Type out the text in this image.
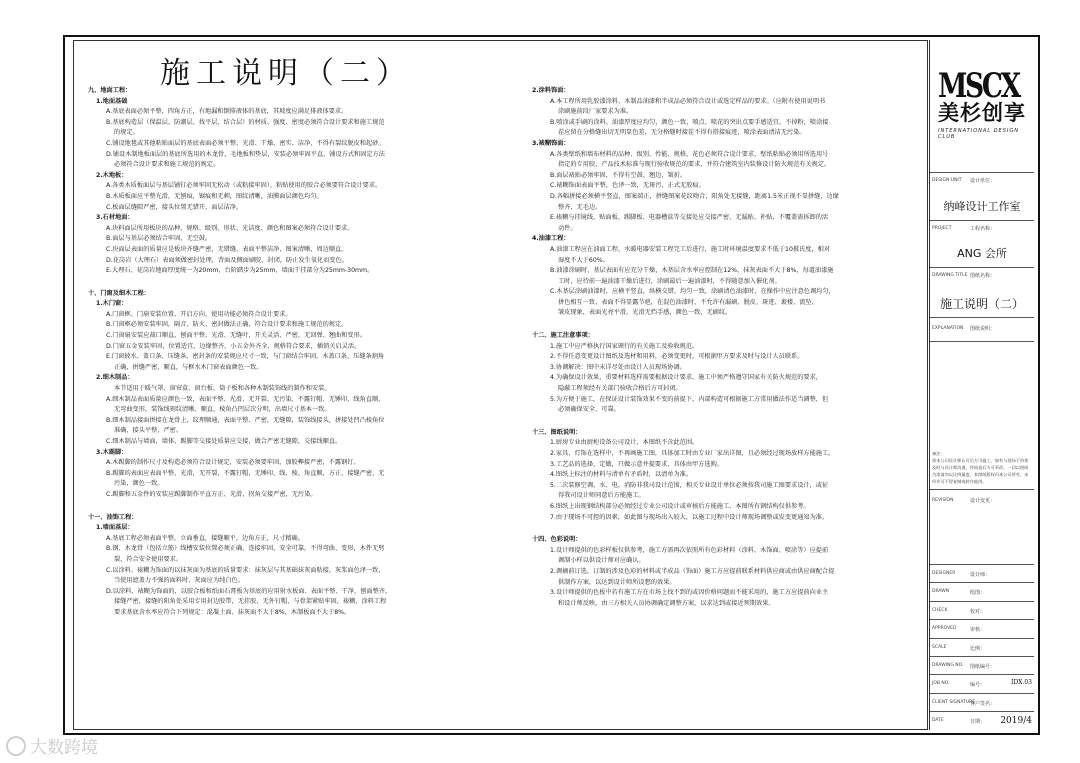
施工说明（二）
九、地面工程：
1.地面基础
A.基底表面必须平整，四角方正，有地漏和倒排液体的基底，其坡度应满足排液体要求。
B.基底构造层（保温层、防潮层、找平层、结合层）的材质、强度、密度必须符合设计要求和施工规范
的规定。
C.铺设地毯或其他粘贴面层的基底表面必须平整、光滑、干燥、密实、洁净，不得有裂纹脱皮和起砂。
D.铺设木制地板面层的基底所选用的木龙骨，毛地板和垫层，安装必须牢固平直，铺设方式和固定方法
必须符合设计要求和施工规范的规定。
2.木地板：
A.各类木质板面层与基层铺钉必须牢固无松动（或粘接牢固），粘贴使用的胶合必须要符合设计要求。
B.木质板面应平整光滑，无刨痕，锯痕和无刺，图纹清晰，油膜面层颜色均匀。
C.板面层缝隙严密，接头位置无错开，面层洁净。
3.石材地面：
A.块料面层所用板块的品种、规格、级别、形状、光洁度、颜色和图案必须符合设计要求。
B.面层与基层必须结合牢固，无空鼓。
C.块面层表面的质量应是板块齐缝严密，无错缝、表面平整洁净，图案清晰，周边顺直。
D.花岗岩（大理石）表面须做密封处理，背面及侧面刷胶，封闭，防止发生氧化而变色。
E.大理石、花岗岩地面厚度统一为20mm，台阶踏步为25mm，墙面干挂部分为25mm-30mm。
十、门窗及细木工程：
1.木门窗：
A.门窗框、门扇安装位置、开启方向、使用功能必须符合设计要求。
B.门窗框必须安装牢固，隔音、防火、密封做法正确，符合设计要求和施工规范的规定。
C.门窗扇安装应裁口顺直，刨面平整、光滑、无缝叶，开关灵活、严密，无回弹、翘曲和变形。
D.门窗五金安装牢固，位置适宜，边缘整齐，小五金外齐全，规格符合要求，插销关启灵活。
E.门窗披水、盖口条、压缝条、密封条的安装规应尺寸一致，与门窗结合牢固，木盖口条、压缝条割角
正确，拼缝严密，顺直，与框水木门窗表面颜色一致。
2.细木制品：
本节适用于暖气罩、窗帘盒、窗台板、筒子板和各种木制装饰线的制作和安装。
A.细木制品表面质量应颜色一致，表面平整、光滑、无开裂、无污染、不露钉帽、无锤印，线角直顺，
无弯曲变形，装饰线刻纹清晰、顺直，棱角凸凹层次分明，出墙尺寸基本一致。
B.细木制品接面拼接在龙骨上，纹理顺通，表面平整、严密，无缝隙，装饰线接头，拼接处凹凸棱角位
准确，接头平整、严密。
C.细木制品与墙面，墙体、踢脚等交接处质量应交接，做合严密无缝隙，交接线顺直。
3.木踢脚：
A.木踢脚的制作尺寸及构造必须符合设计规定，安装必须要牢固，加胶榫接严密，不露钢钉。
B.踢脚的表面应表面平整、光滑，无开裂，不露钉帽，无锤印，线、棱、角直顺，方正，接缝严密，无
污染，颜色一致。
C.踢脚和五金件的安装应踢脚制作平直方正、光滑，拐角交接严密，无污染。
十一、油饰工程：
1.墙面基层：
A.基底工程必须表面平整，立面垂直，接缝顺平，边角方正，尺寸精确。
B.钢、木龙骨（包括立筋）线槽安装位置必须正确，连接牢固，安全可靠，不得弯曲、变形，木件无劈
裂，符合安全使用要求。
C.以涂料、裱糊为饰面的以抹灰面为基底的质量要求：抹灰层与其基础抹灰面粘接，灰浆面色泽一致，
当使用遮盖力不强的面料时，灰面应为纯白色。
D.以涂料、裱糊为饰面的，以胶合板和纸面石膏板为基底的应用射水板面、表面平整、干净，刨面整齐，
接缝严密，接缝的阳角处采用专用封边胶带，无挂胶，无外钉帽，与骨架紧贴牢固，裱糊、涂料工程
要求基底含水率应符合下列规定：混凝土面、抹灰面不大于8%，木制板面不大于8%。
2.涂料饰面：
A.本工程所用乳胶漆涂料、木制品油漆和半成品必须符合设计或选定样品的要求。（应附有使用说明书
涂刷施前段厂家要求为准。
B.喷涂或手刷的涂料、油漆厚度应均匀，颜色一致，喷点、喷花的突出点要手感适宜，不掉粉，喷涂接
茬应留在分格缝出切无明显色差，无分格缝时接茬不得有搭接痕迹，喷涂表面清洁无污染。
3.裱糊饰面：
A.各类壁纸和墙布材料的品种、级别、性能、规格、花色必须符合设计要求，壁纸粘贴必须用所选用号
指定的专用胶，产品技术标准与现行验收规范的要求，并符合建筑室内装修设计防火规范有关规定。
B.面层裱贴必须牢固，不得有空鼓、翘边、皱折。
C.裱糊饰面表面平整，色泽一致，无斑污，正式无胶痕。
D.各幅拼接必须横平竖直，图案端正，拼缝图案花纹吻合，阳角处无接缝，距离1.5米正视不显拼缝，边缘
整齐，无毛边。
E.裱糊与挂镜线、贴面板、踢脚板、电器槽盒等交接处应交接严密，无漏贴、补贴，不覆盖需拆卸的活
动件。
4.油漆工程：
A.油漆工程应在油面工程、水暖电器安装工程完工后进行，施工时环境温度要求不低于10摄氏度，相对
湿度不大于60%。
B.油漆涂刷时，基层表面有应充分干燥，木基层含水率应控制在12%，抹灰表面不大于8%，每道油漆施
工时，应待前一遍油漆干燥后进行，涂刷最后一遍油漆时，不得随意加入催化剂。
C.木基层涂刷油漆时，应横平竖直，纵横交错，均匀一致，涂刷清色油漆时，在操作中应注意色调均匀，
拼色相互一致，表面不得显露节疤，在混色油漆时，不允许有漏刷、脱皮、斑迹、裹楼、流坠、
皱皮现象，表面光亮平滑，光滑无挡手感，颜色一致，无刷纹。
十二、施工注意事项：
1.施工中应严格执行国家颁行的有关施工及验收规范。
2.不得任意变更设计图纸及选材和用料，必须变更时，可根据甲方要求及时与设计人员联系。
3.协调解决：图中未详尽处由设计人员现场协调。
4.为确保设计效果，重要材料选样需要根据设计要求，施工中须严格遵守国家有关防火规范的要求，
隐蔽工程须经有关部门验收合格后方可封闭。
5.为方便于施工，在保证设计装饰效果不变的前提下，内部构造可根据施工方常用做法作适当调整，但
必须确保安全，可靠。
十三、图纸说明：
1.厨房专业由厨柜设备公司设计，本图纸不含此范围。
2.家具、灯饰在选样中，不再画施工图，具体加工时由专业厂家出详图，且必须经过现场放样方能施工。
3.工艺品的选择、定做，只做示意并提要求，具体由甲方选购。
4.图纸上标注的材料与清单有矛盾时，以清单为准。
5.二次装修空调、水、电、消防非我司设计范围，相关专业设计单位必须按我司施工图要求设计，或征
得我司设计师同意后方能施工。
6.图纸上出现钢结构部分必须经过专业公司设计或审核后方能施工，本图所有钢结构仅供参考。
7.由于现场不可控的因素，如此图与现场出入较大，以施工过程中设计师现场调整或发变更通知为准。
十四、色彩说明：
1.设计师提供的色彩样板仅供参考，施工方需再次依照所有色彩材料（涂料、木饰面、喷涂等）应提前
调制小样以供设计师对应确认。
2.调摘前订选，订制的涉及色彩的材料或半成品（饰面）施工方应提前联系材料供应商或由供应商配合提
供制作方案，以达到设计师所设想的效果。
3.设计师提供的色板中若有施工方在市场上找不到的或因价格问题而不能采用的，施工方应提前向业主
和设计师反映，由三方相关人员协调确定调整方案，以求达到或接近预期效果。
MSCX
美杉创享
INTERNATIONAL DESIGN CLUB
DESIGN UNIT 设计单位：
纳峰设计工作室
PROJECT	工程名称：
ANG 会所
DRAWING TITLE 图纸名称：
施工说明（二）
EXPLANATION 图纸说明：
备注:
须本公司设计师认可后方可施工，如有与现场不符须及时与设计师沟通，经同意后方可更改。一切以图纸为准请勿以比例量度，本图纸版权归本公司所有，未经许可不得复制或转作他用。
REVISION	设计变更：
DESIGNER	设计师：
DRAWN	绘图：
CHECK	校对：
APPROVED	审核：
SCALE	比例：
DRAWING NO. 图纸编号：
JOB NO.	编号：	IDX.03
CLIENT SIGNATURE
客户签名：
DATE	日期：	2019/4
大数跨境
